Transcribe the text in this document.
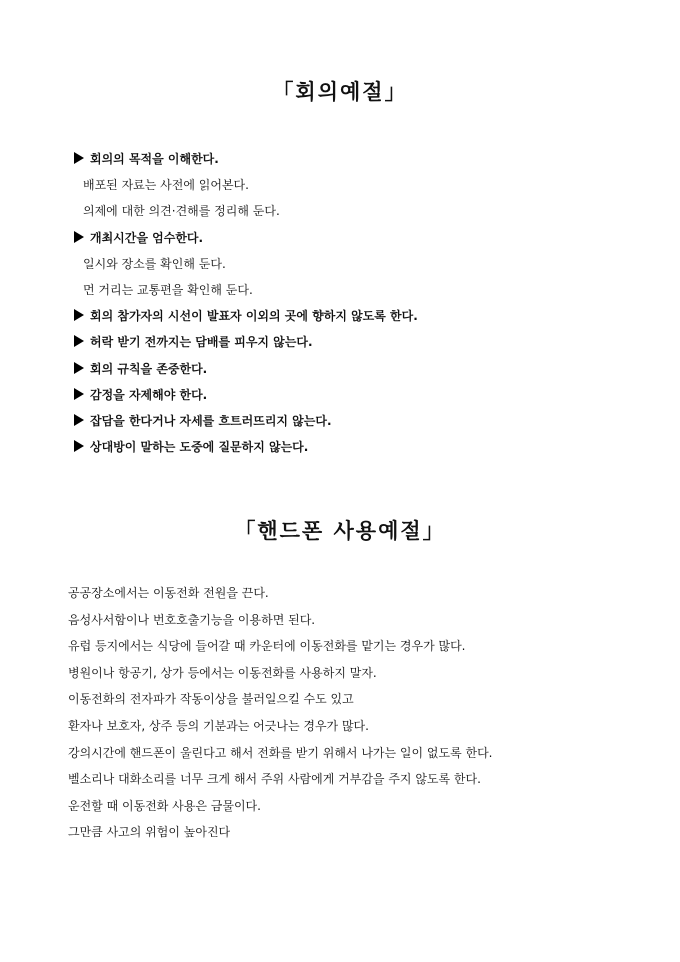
「회의예절」
회의의 목적을 이해한다.
배포된 자료는 사전에 읽어본다.
의제에 대한 의견·견해를 정리해 둔다.
개최시간을 엄수한다.
일시와 장소를 확인해 둔다.
먼 거리는 교통편을 확인해 둔다.
회의 참가자의 시선이 발표자 이외의 곳에 향하지 않도록 한다.
허락 받기 전까지는 담배를 피우지 않는다.
회의 규칙을 존중한다.
감정을 자제해야 한다.
잡담을 한다거나 자세를 흐트러뜨리지 않는다.
상대방이 말하는 도중에 질문하지 않는다.
「핸드폰 사용예절」
공공장소에서는 이동전화 전원을 끈다.
음성사서함이나 번호호출기능을 이용하면 된다.
유럽 등지에서는 식당에 들어갈 때 카운터에 이동전화를 맡기는 경우가 많다.
병원이나 항공기, 상가 등에서는 이동전화를 사용하지 말자.
이동전화의 전자파가 작동이상을 불러일으킬 수도 있고
환자나 보호자, 상주 등의 기분과는 어긋나는 경우가 많다.
강의시간에 핸드폰이 울린다고 해서 전화를 받기 위해서 나가는 일이 없도록 한다.
벨소리나 대화소리를 너무 크게 해서 주위 사람에게 거부감을 주지 않도록 한다.
운전할 때 이동전화 사용은 금물이다.
그만큼 사고의 위험이 높아진다
